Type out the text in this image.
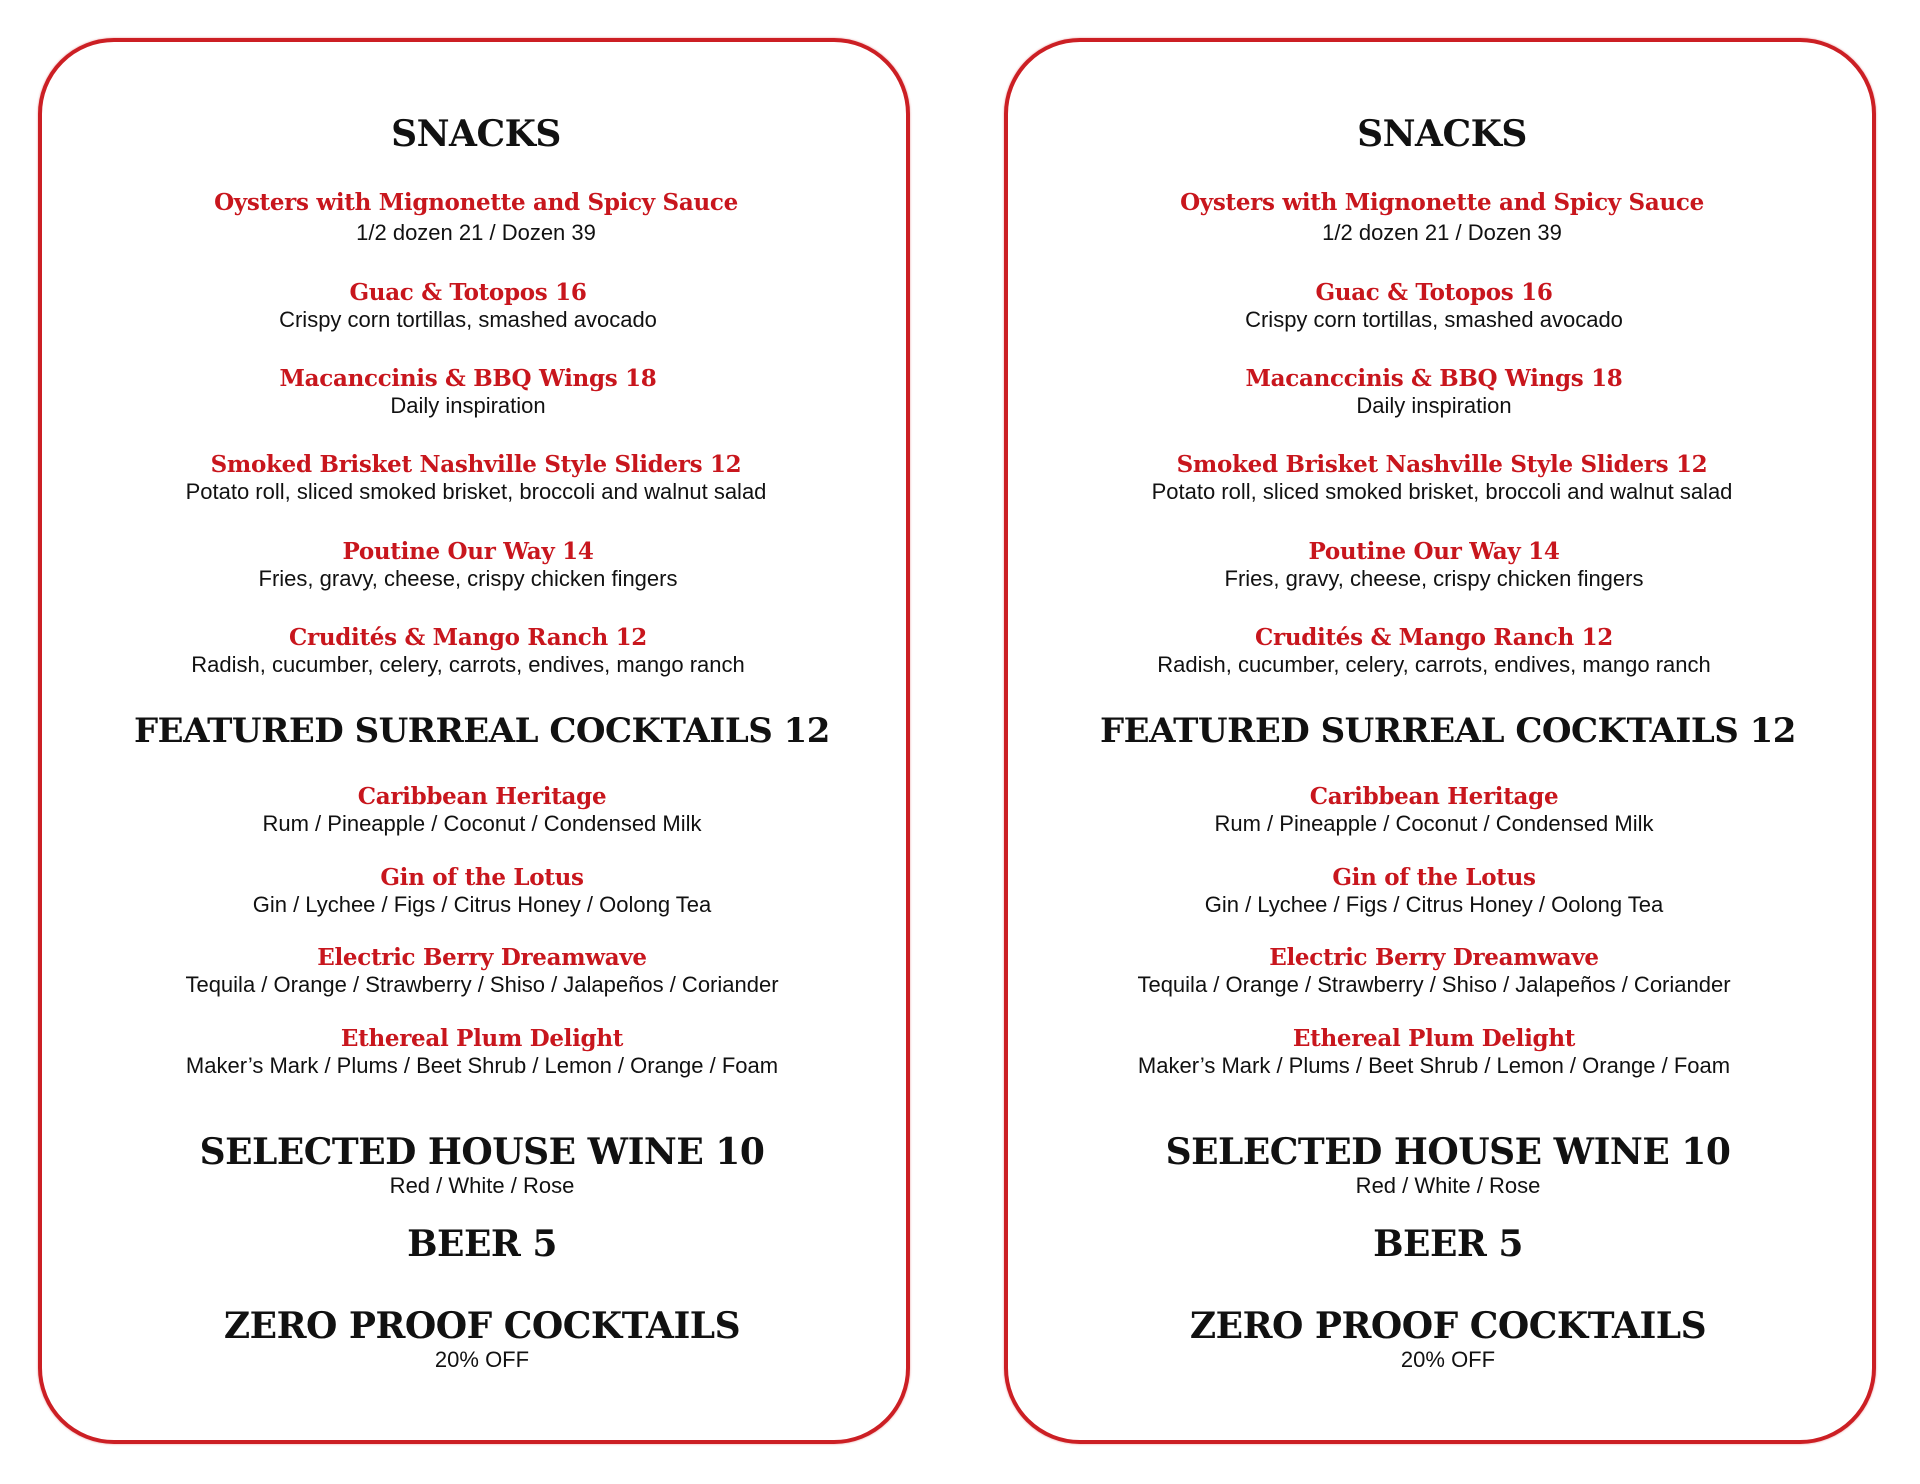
SNACKS
Oysters with Mignonette and Spicy Sauce
1/2 dozen 21 / Dozen 39
Guac & Totopos 16
Crispy corn tortillas, smashed avocado
Macanccinis & BBQ Wings 18
Daily inspiration
Smoked Brisket Nashville Style Sliders 12
Potato roll, sliced smoked brisket, broccoli and walnut salad
Poutine Our Way 14
Fries, gravy, cheese, crispy chicken fingers
Crudités & Mango Ranch 12
Radish, cucumber, celery, carrots, endives, mango ranch
FEATURED SURREAL COCKTAILS 12
Caribbean Heritage
Rum / Pineapple / Coconut / Condensed Milk
Gin of the Lotus
Gin / Lychee / Figs / Citrus Honey / Oolong Tea
Electric Berry Dreamwave
Tequila / Orange / Strawberry / Shiso / Jalapeños / Coriander
Ethereal Plum Delight
Maker’s Mark / Plums / Beet Shrub / Lemon / Orange / Foam
SELECTED HOUSE WINE 10
Red / White / Rose
BEER 5
ZERO PROOF COCKTAILS
20% OFF
SNACKS
Oysters with Mignonette and Spicy Sauce
1/2 dozen 21 / Dozen 39
Guac & Totopos 16
Crispy corn tortillas, smashed avocado
Macanccinis & BBQ Wings 18
Daily inspiration
Smoked Brisket Nashville Style Sliders 12
Potato roll, sliced smoked brisket, broccoli and walnut salad
Poutine Our Way 14
Fries, gravy, cheese, crispy chicken fingers
Crudités & Mango Ranch 12
Radish, cucumber, celery, carrots, endives, mango ranch
FEATURED SURREAL COCKTAILS 12
Caribbean Heritage
Rum / Pineapple / Coconut / Condensed Milk
Gin of the Lotus
Gin / Lychee / Figs / Citrus Honey / Oolong Tea
Electric Berry Dreamwave
Tequila / Orange / Strawberry / Shiso / Jalapeños / Coriander
Ethereal Plum Delight
Maker’s Mark / Plums / Beet Shrub / Lemon / Orange / Foam
SELECTED HOUSE WINE 10
Red / White / Rose
BEER 5
ZERO PROOF COCKTAILS
20% OFF
